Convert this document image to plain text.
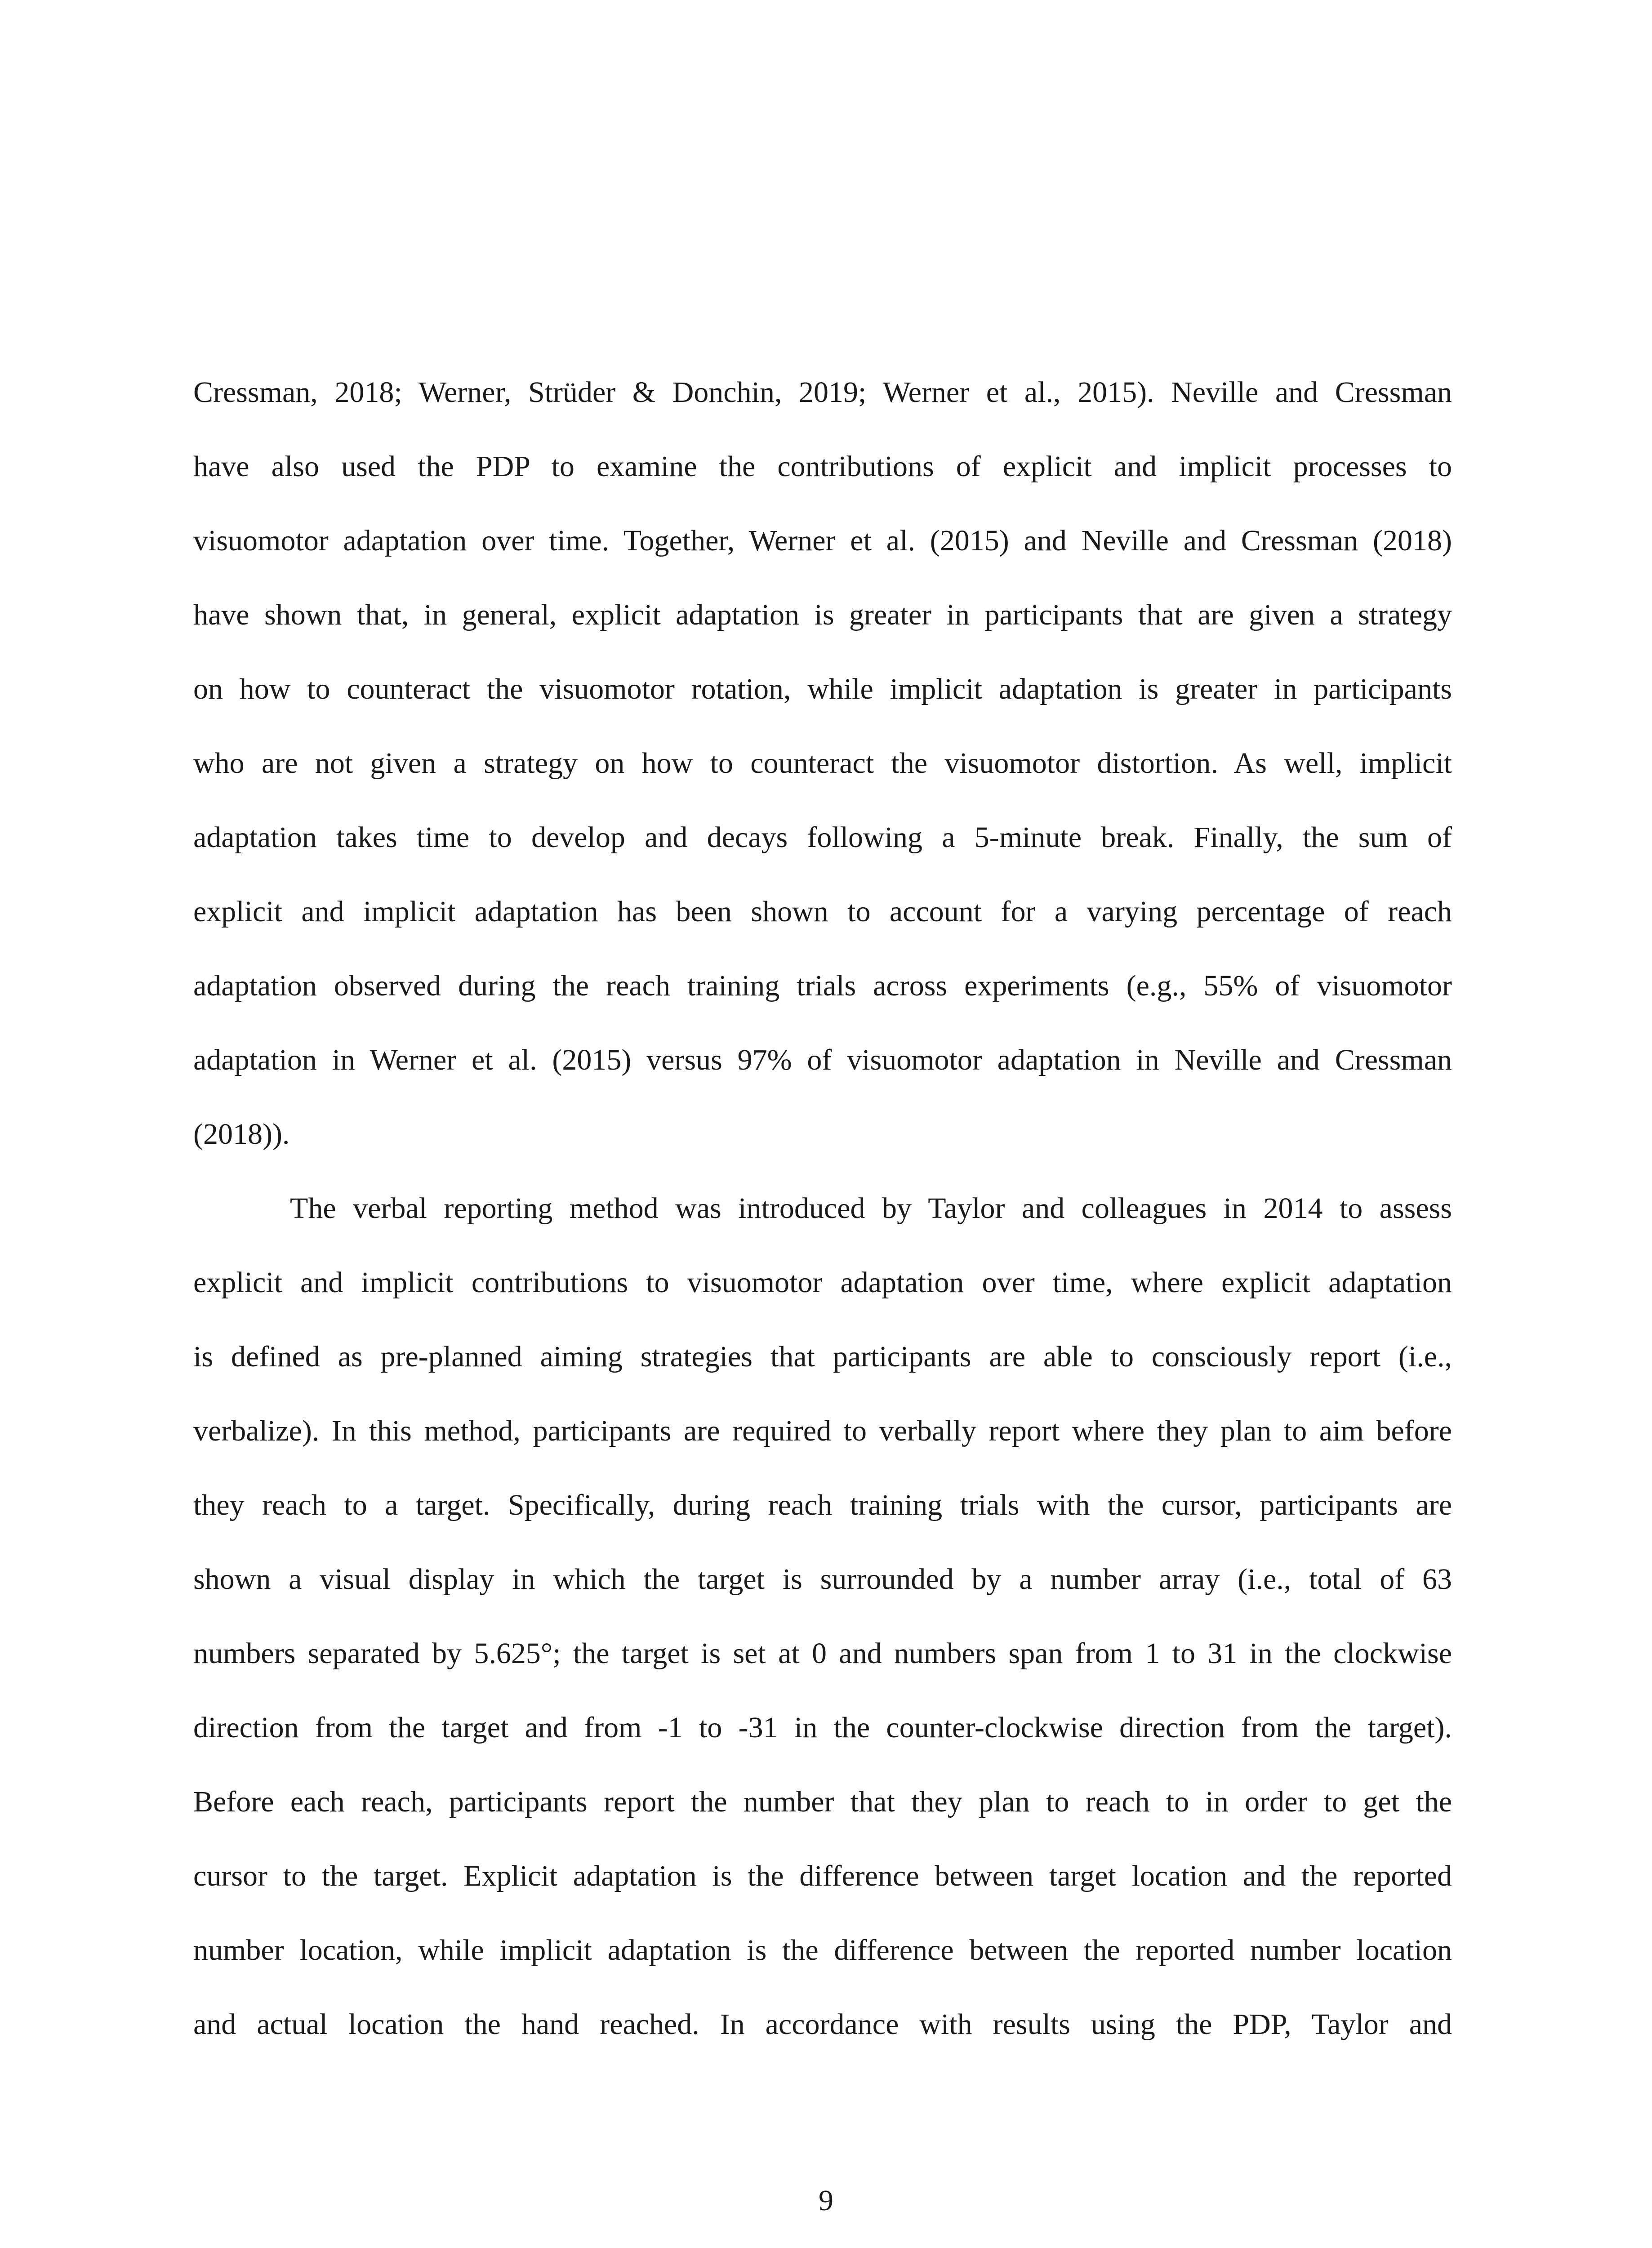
Cressman, 2018; Werner, Strüder & Donchin, 2019; Werner et al., 2015). Neville and Cressman
have also used the PDP to examine the contributions of explicit and implicit processes to
visuomotor adaptation over time. Together, Werner et al. (2015) and Neville and Cressman (2018)
have shown that, in general, explicit adaptation is greater in participants that are given a strategy
on how to counteract the visuomotor rotation, while implicit adaptation is greater in participants
who are not given a strategy on how to counteract the visuomotor distortion. As well, implicit
adaptation takes time to develop and decays following a 5-minute break. Finally, the sum of
explicit and implicit adaptation has been shown to account for a varying percentage of reach
adaptation observed during the reach training trials across experiments (e.g., 55% of visuomotor
adaptation in Werner et al. (2015) versus 97% of visuomotor adaptation in Neville and Cressman
(2018)).
The verbal reporting method was introduced by Taylor and colleagues in 2014 to assess
explicit and implicit contributions to visuomotor adaptation over time, where explicit adaptation
is defined as pre-planned aiming strategies that participants are able to consciously report (i.e.,
verbalize). In this method, participants are required to verbally report where they plan to aim before
they reach to a target. Specifically, during reach training trials with the cursor, participants are
shown a visual display in which the target is surrounded by a number array (i.e., total of 63
numbers separated by 5.625°; the target is set at 0 and numbers span from 1 to 31 in the clockwise
direction from the target and from -1 to -31 in the counter-clockwise direction from the target).
Before each reach, participants report the number that they plan to reach to in order to get the
cursor to the target. Explicit adaptation is the difference between target location and the reported
number location, while implicit adaptation is the difference between the reported number location
and actual location the hand reached. In accordance with results using the PDP, Taylor and
9
